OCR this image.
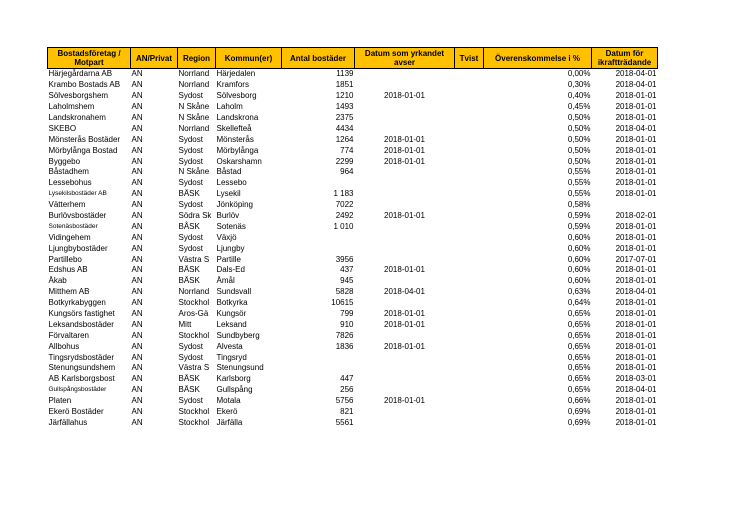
Bostadsföretag / Motpart	AN/Privat	Region	Kommun(er)	Antal bostäder	Datum som yrkandet avser	Tvist	Överenskommelse i %	Datum för ikraftträdande
Härjegårdarna AB	AN	Norrland	Härjedalen	1139			0,00%	2018-04-01
Krambo Bostads AB	AN	Norrland	Kramfors	1851			0,30%	2018-04-01
Sölvesborgshem	AN	Sydost	Sölvesborg	1210	2018-01-01		0,40%	2018-01-01
Laholmshem	AN	N Skåne	Laholm	1493			0,45%	2018-01-01
Landskronahem	AN	N Skåne	Landskrona	2375			0,50%	2018-01-01
SKEBO	AN	Norrland	Skellefteå	4434			0,50%	2018-04-01
Mönsterås Bostäder	AN	Sydost	Mönsterås	1264	2018-01-01		0,50%	2018-01-01
Mörbylånga Bostad	AN	Sydost	Mörbylånga	774	2018-01-01		0,50%	2018-01-01
Byggebo	AN	Sydost	Oskarshamn	2299	2018-01-01		0,50%	2018-01-01
Båstadhem	AN	N Skåne	Båstad	964			0,55%	2018-01-01
Lessebohus	AN	Sydost	Lessebo				0,55%	2018-01-01
Lysekilsbostäder AB	AN	BÅSK	Lysekil	1 183			0,55%	2018-01-01
Vätterhem	AN	Sydost	Jönköping	7022			0,58%	
Burlövsbostäder	AN	Södra Sk	Burlöv	2492	2018-01-01		0,59%	2018-02-01
Sotenäsbostäder	AN	BÅSK	Sotenäs	1 010			0,59%	2018-01-01
Vidingehem	AN	Sydost	Växjö				0,60%	2018-01-01
Ljungbybostäder	AN	Sydost	Ljungby				0,60%	2018-01-01
Partillebo	AN	Västra S	Partille	3956			0,60%	2017-07-01
Edshus AB	AN	BÅSK	Dals-Ed	437	2018-01-01		0,60%	2018-01-01
Åkab	AN	BÅSK	Åmål	945			0,60%	2018-01-01
Mitthem AB	AN	Norrland	Sundsvall	5828	2018-04-01		0,63%	2018-04-01
Botkyrkabyggen	AN	Stockhol	Botkyrka	10615			0,64%	2018-01-01
Kungsörs fastighet	AN	Aros-Gä	Kungsör	799	2018-01-01		0,65%	2018-01-01
Leksandsbostäder	AN	Mitt	Leksand	910	2018-01-01		0,65%	2018-01-01
Förvaltaren	AN	Stockhol	Sundbyberg	7826			0,65%	2018-01-01
Allbohus	AN	Sydost	Alvesta	1836	2018-01-01		0,65%	2018-01-01
Tingsrydsbostäder	AN	Sydost	Tingsryd				0,65%	2018-01-01
Stenungsundshem	AN	Västra S	Stenungsund				0,65%	2018-01-01
AB Karlsborgsbost	AN	BÅSK	Karlsborg	447			0,65%	2018-03-01
Gullspångsbostäder	AN	BÅSK	Gullspång	256			0,65%	2018-04-01
Platen	AN	Sydost	Motala	5756	2018-01-01		0,66%	2018-01-01
Ekerö Bostäder	AN	Stockhol	Ekerö	821			0,69%	2018-01-01
Järfällahus	AN	Stockhol	Järfälla	5561			0,69%	2018-01-01
